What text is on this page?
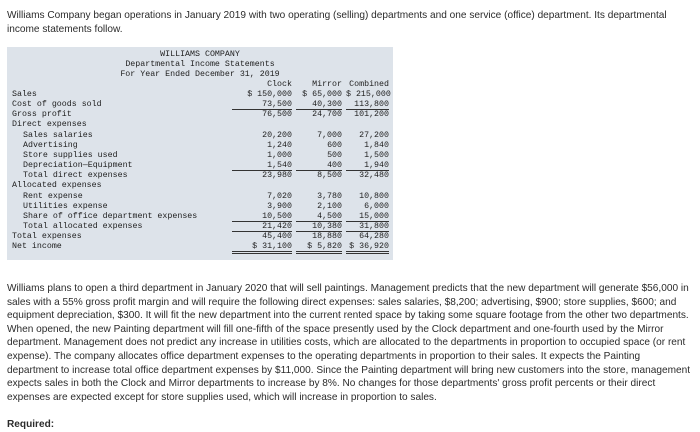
Williams Company began operations in January 2019 with two operating (selling) departments and one service (office) department. Its departmental income statements follow.

WILLIAMS COMPANY
Departmental Income Statements
For Year Ended December 31, 2019
Clock	Mirror Combined
Sales	$ 150,000	$ 65,000 $ 215,000
Cost of goods sold	73,500	40,300	113,800
Gross profit	76,500	24,700	101,200
Direct expenses
Sales salaries	20,200	7,000	27,200
Advertising	1,240	600	1,840
Store supplies used	1,000	500	1,500
Depreciation—Equipment	1,540	400	1,940
Total direct expenses	23,980	8,500	32,480
Allocated expenses
Rent expense	7,020	3,780	10,800
Utilities expense	3,900	2,100	6,000
Share of office department expenses	10,500	4,500	15,000
Total allocated expenses	21,420	10,380	31,800
Total expenses	45,400	18,880	64,280
Net income	$ 31,100	$ 5,820 $ 36,920

Williams plans to open a third department in January 2020 that will sell paintings. Management predicts that the new department will generate $56,000 in sales with a 55% gross profit margin and will require the following direct expenses: sales salaries, $8,200; advertising, $900; store supplies, $600; and equipment depreciation, $300. It will fit the new department into the current rented space by taking some square footage from the other two departments. When opened, the new Painting department will fill one-fifth of the space presently used by the Clock department and one-fourth used by the Mirror department. Management does not predict any increase in utilities costs, which are allocated to the departments in proportion to occupied space (or rent expense). The company allocates office department expenses to the operating departments in proportion to their sales. It expects the Painting department to increase total office department expenses by $11,000. Since the Painting department will bring new customers into the store, management expects sales in both the Clock and Mirror departments to increase by 8%. No changes for those departments' gross profit percents or their direct expenses are expected except for store supplies used, which will increase in proportion to sales.

Required:
